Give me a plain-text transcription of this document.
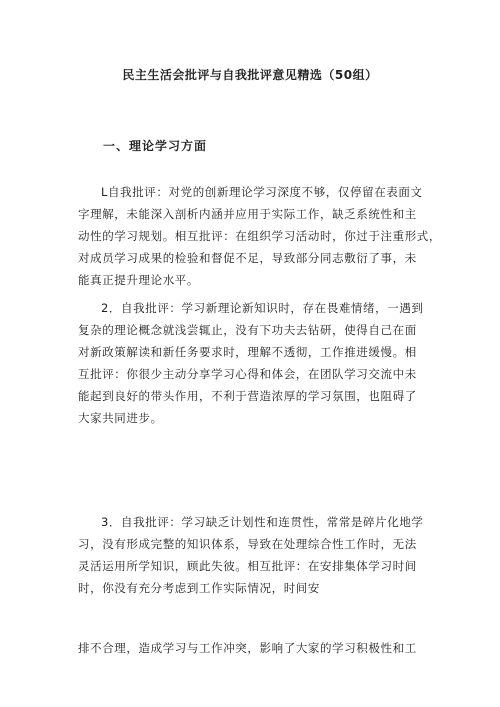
民主生活会批评与自我批评意见精选（50组）
一、理论学习方面
L自我批评：对党的创新理论学习深度不够，仅停留在表面文
字理解，未能深入剖析内涵并应用于实际工作，缺乏系统性和主
动性的学习规划。相互批评：在组织学习活动时，你过于注重形式，
对成员学习成果的检验和督促不足，导致部分同志敷衍了事，未
能真正提升理论水平。
2．自我批评：学习新理论新知识时，存在畏难情绪，一遇到
复杂的理论概念就浅尝辄止，没有下功夫去钻研，使得自己在面
对新政策解读和新任务要求时，理解不透彻，工作推进缓慢。相
互批评：你很少主动分享学习心得和体会，在团队学习交流中未
能起到良好的带头作用，不利于营造浓厚的学习氛围，也阻碍了
大家共同进步。
3．自我批评：学习缺乏计划性和连贯性，常常是碎片化地学
习，没有形成完整的知识体系，导致在处理综合性工作时，无法
灵活运用所学知识，顾此失彼。相互批评：在安排集体学习时间
时，你没有充分考虑到工作实际情况，时间安
排不合理，造成学习与工作冲突，影响了大家的学习积极性和工
